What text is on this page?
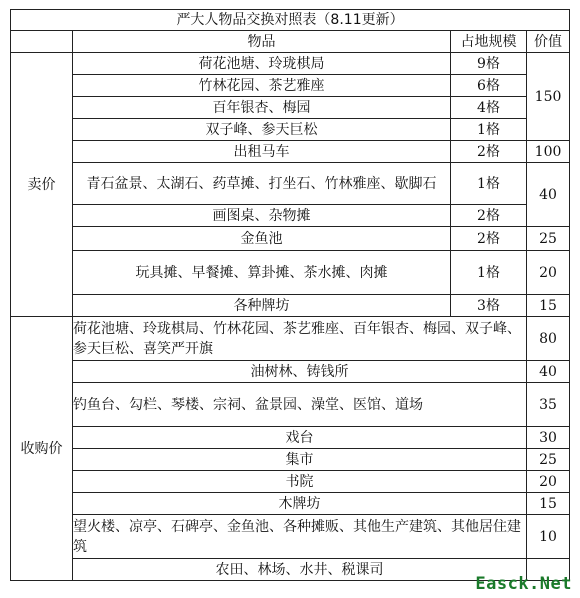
严大人物品交换对照表（8.11更新）			
	物品	占地规模	价值
卖价	荷花池塘、玲珑棋局	9格	150
	竹林花园、茶艺雅座	6格	
	百年银杏、梅园	4格	
	双子峰、参天巨松	1格	
	出租马车	2格	100
	青石盆景、太湖石、药草摊、打坐石、竹林雅座、歇脚石	1格	40
	画图桌、杂物摊	2格	
	金鱼池	2格	25
	玩具摊、早餐摊、算卦摊、茶水摊、肉摊	1格	20
	各种牌坊	3格	15
收购价	荷花池塘、玲珑棋局、竹林花园、茶艺雅座、百年银杏、梅园、双子峰、参天巨松、喜笑严开旗		80
	油树林、铸钱所		40
	钓鱼台、勾栏、琴楼、宗祠、盆景园、澡堂、医馆、道场		35
	戏台		30
	集市		25
	书院		20
	木牌坊		15
	望火楼、凉亭、石碑亭、金鱼池、各种摊贩、其他生产建筑、其他居住建筑		10
	农田、林场、水井、税课司		
Easck.Net
